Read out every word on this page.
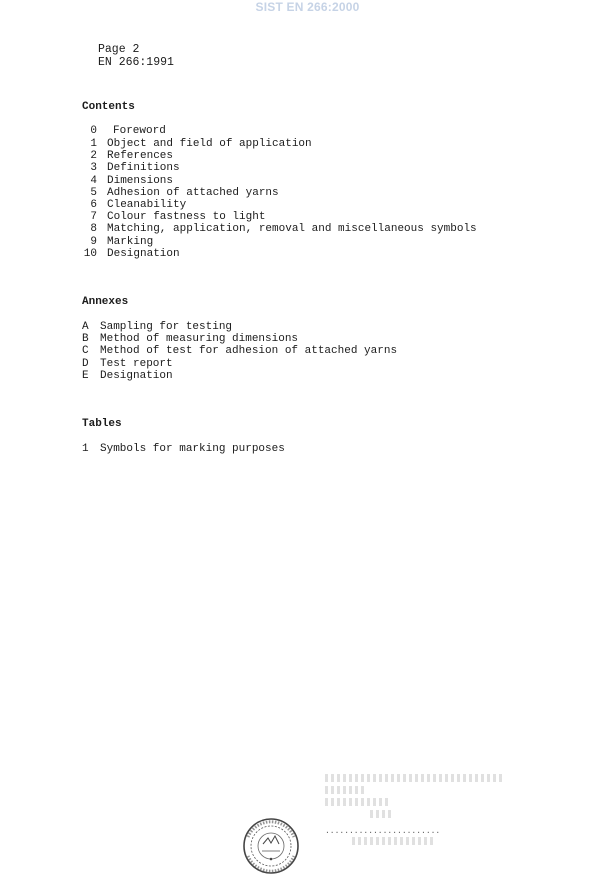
SIST EN 266:2000
Page 2
EN 266:1991
Contents
0 Foreword
1 Object and field of application
2 References
3 Definitions
4 Dimensions
5 Adhesion of attached yarns
6 Cleanability
7 Colour fastness to light
8 Matching, application, removal and miscellaneous symbols
9 Marking
10 Designation
Annexes
A	Sampling for testing
B	Method of measuring dimensions
C	Method of test for adhesion of attached yarns
D	Test report
E	Designation
Tables
1	Symbols for marking purposes
........................
